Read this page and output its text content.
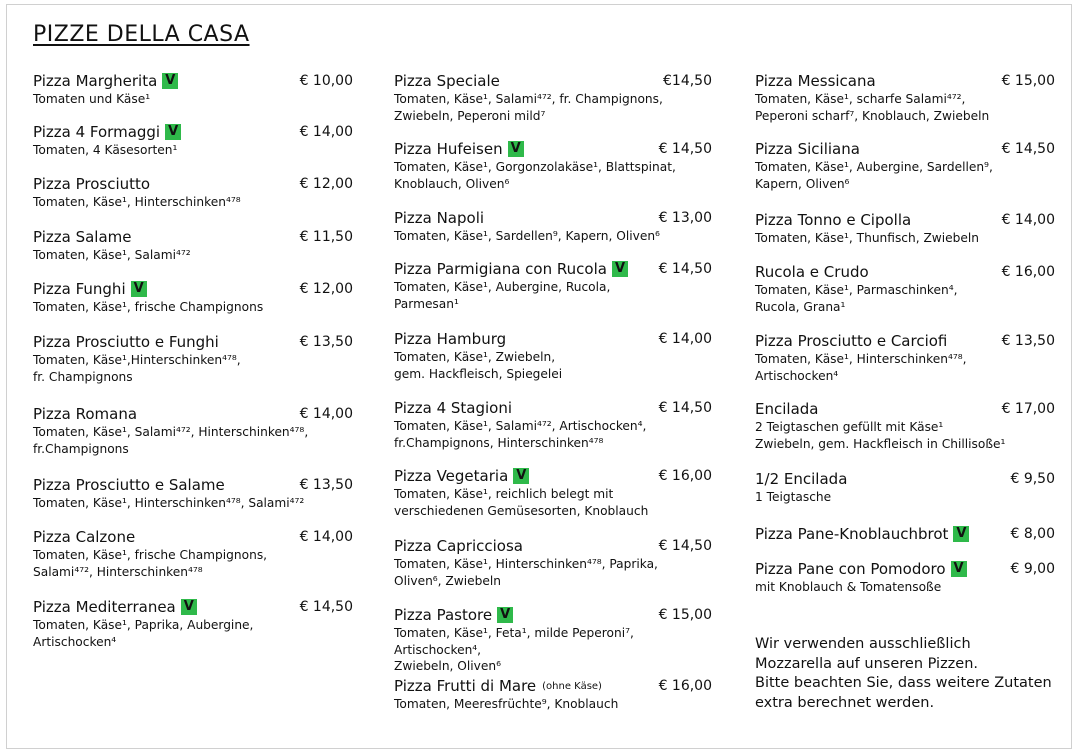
PIZZE DELLA CASA
Pizza Margherita V	€ 10,00
Tomaten und Käse¹
Pizza 4 Formaggi V	€ 14,00
Tomaten, 4 Käsesorten¹
Pizza Prosciutto	€ 12,00
Tomaten, Käse¹, Hinterschinken⁴⁷⁸
Pizza Salame	€ 11,50
Tomaten, Käse¹, Salami⁴⁷²
Pizza Funghi V	€ 12,00
Tomaten, Käse¹, frische Champignons
Pizza Prosciutto e Funghi	€ 13,50
Tomaten, Käse¹,Hinterschinken⁴⁷⁸,
fr. Champignons
Pizza Romana	€ 14,00
Tomaten, Käse¹, Salami⁴⁷², Hinterschinken⁴⁷⁸,
fr.Champignons
Pizza Prosciutto e Salame	€ 13,50
Tomaten, Käse¹, Hinterschinken⁴⁷⁸, Salami⁴⁷²
Pizza Calzone	€ 14,00
Tomaten, Käse¹, frische Champignons,
Salami⁴⁷², Hinterschinken⁴⁷⁸
Pizza Mediterranea V	€ 14,50
Tomaten, Käse¹, Paprika, Aubergine,
Artischocken⁴
Pizza Speciale	€14,50
Tomaten, Käse¹, Salami⁴⁷², fr. Champignons,
Zwiebeln, Peperoni mild⁷
Pizza Hufeisen V	€ 14,50
Tomaten, Käse¹, Gorgonzolakäse¹, Blattspinat,
Knoblauch, Oliven⁶
Pizza Napoli	€ 13,00
Tomaten, Käse¹, Sardellen⁹, Kapern, Oliven⁶
Pizza Parmigiana con Rucola V € 14,50
Tomaten, Käse¹, Aubergine, Rucola,
Parmesan¹
Pizza Hamburg	€ 14,00
Tomaten, Käse¹, Zwiebeln,
gem. Hackfleisch, Spiegelei
Pizza 4 Stagioni	€ 14,50
Tomaten, Käse¹, Salami⁴⁷², Artischocken⁴,
fr.Champignons, Hinterschinken⁴⁷⁸
Pizza Vegetaria V	€ 16,00
Tomaten, Käse¹, reichlich belegt mit
verschiedenen Gemüsesorten, Knoblauch
Pizza Capricciosa	€ 14,50
Tomaten, Käse¹, Hinterschinken⁴⁷⁸, Paprika,
Oliven⁶, Zwiebeln
Pizza Pastore V	€ 15,00
Tomaten, Käse¹, Feta¹, milde Peperoni⁷, Artischocken⁴,
Zwiebeln, Oliven⁶
Pizza Frutti di Mare $^{(ohne Käse)}$	€ 16,00
Tomaten, Meeresfrüchte⁹, Knoblauch
Pizza Messicana	€ 15,00
Tomaten, Käse¹, scharfe Salami⁴⁷²,
Peperoni scharf⁷, Knoblauch, Zwiebeln
Pizza Siciliana	€ 14,50
Tomaten, Käse¹, Aubergine, Sardellen⁹,
Kapern, Oliven⁶
Pizza Tonno e Cipolla	€ 14,00
Tomaten, Käse¹, Thunfisch, Zwiebeln
Rucola e Crudo	€ 16,00
Tomaten, Käse¹, Parmaschinken⁴,
Rucola, Grana¹
Pizza Prosciutto e Carciofi	€ 13,50
Tomaten, Käse¹, Hinterschinken⁴⁷⁸,
Artischocken⁴
Encilada	€ 17,00
2 Teigtaschen gefüllt mit Käse¹
Zwiebeln, gem. Hackfleisch in Chillisoße¹
1/2 Encilada	€ 9,50
1 Teigtasche
Pizza Pane-Knoblauchbrot V	€ 8,00
Pizza Pane con Pomodoro V	€ 9,00
mit Knoblauch & Tomatensoße
Wir verwenden ausschließlich
Mozzarella auf unseren Pizzen.
Bitte beachten Sie, dass weitere Zutaten
extra berechnet werden.
